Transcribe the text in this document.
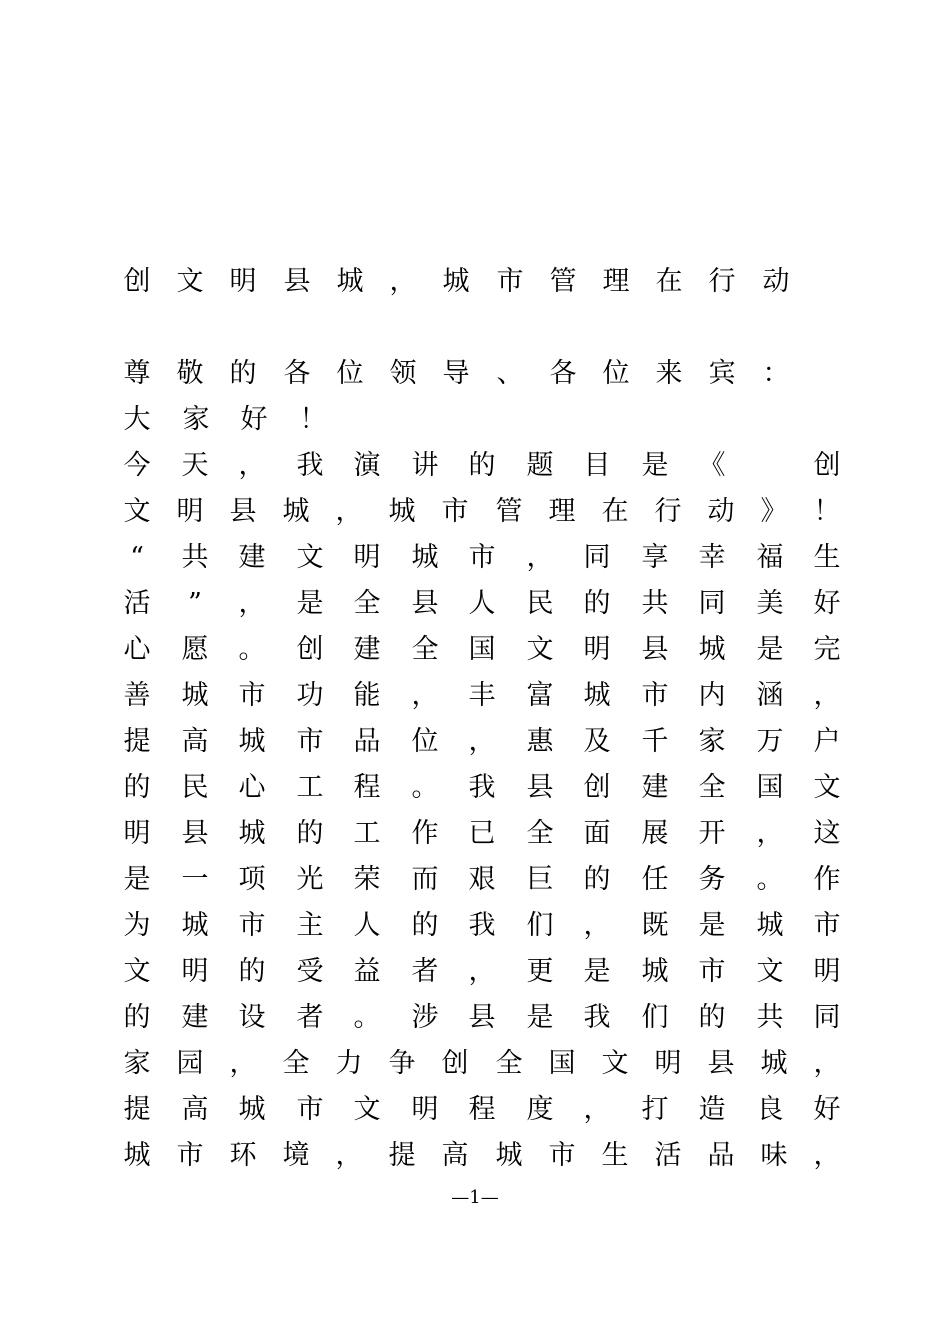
创 文 明 县 城 ， 城 市 管 理 在 行 动

尊 敬 的 各 位 领 导 、 各 位 来 宾 ：

大 家 好 ！

今 天 ， 我 演 讲 的 题 目 是 《	创

文 明 县 城 ， 城 市 管 理 在 行 动 》 ！

“ 共 建 文 明 城 市 ， 同 享 幸 福 生

活 ” ， 是 全 县 人 民 的 共 同 美 好

心 愿 。 创 建 全 国 文 明 县 城 是 完

善 城 市 功 能 ， 丰 富 城 市 内 涵 ，

提 高 城 市 品 位 ， 惠 及 千 家 万 户

的 民 心 工 程 。 我 县 创 建 全 国 文

明 县 城 的 工 作 已 全 面 展 开 ， 这

是 一 项 光 荣 而 艰 巨 的 任 务 。 作

为 城 市 主 人 的 我 们 ， 既 是 城 市

文 明 的 受 益 者 ， 更 是 城 市 文 明

的 建 设 者 。 涉 县 是 我 们 的 共 同

家 园 ， 全 力 争 创 全 国 文 明 县 城 ，

提 高 城 市 文 明 程 度 ， 打 造 良 好

城 市 环 境 ， 提 高 城 市 生 活 品 味 ，

—1—
